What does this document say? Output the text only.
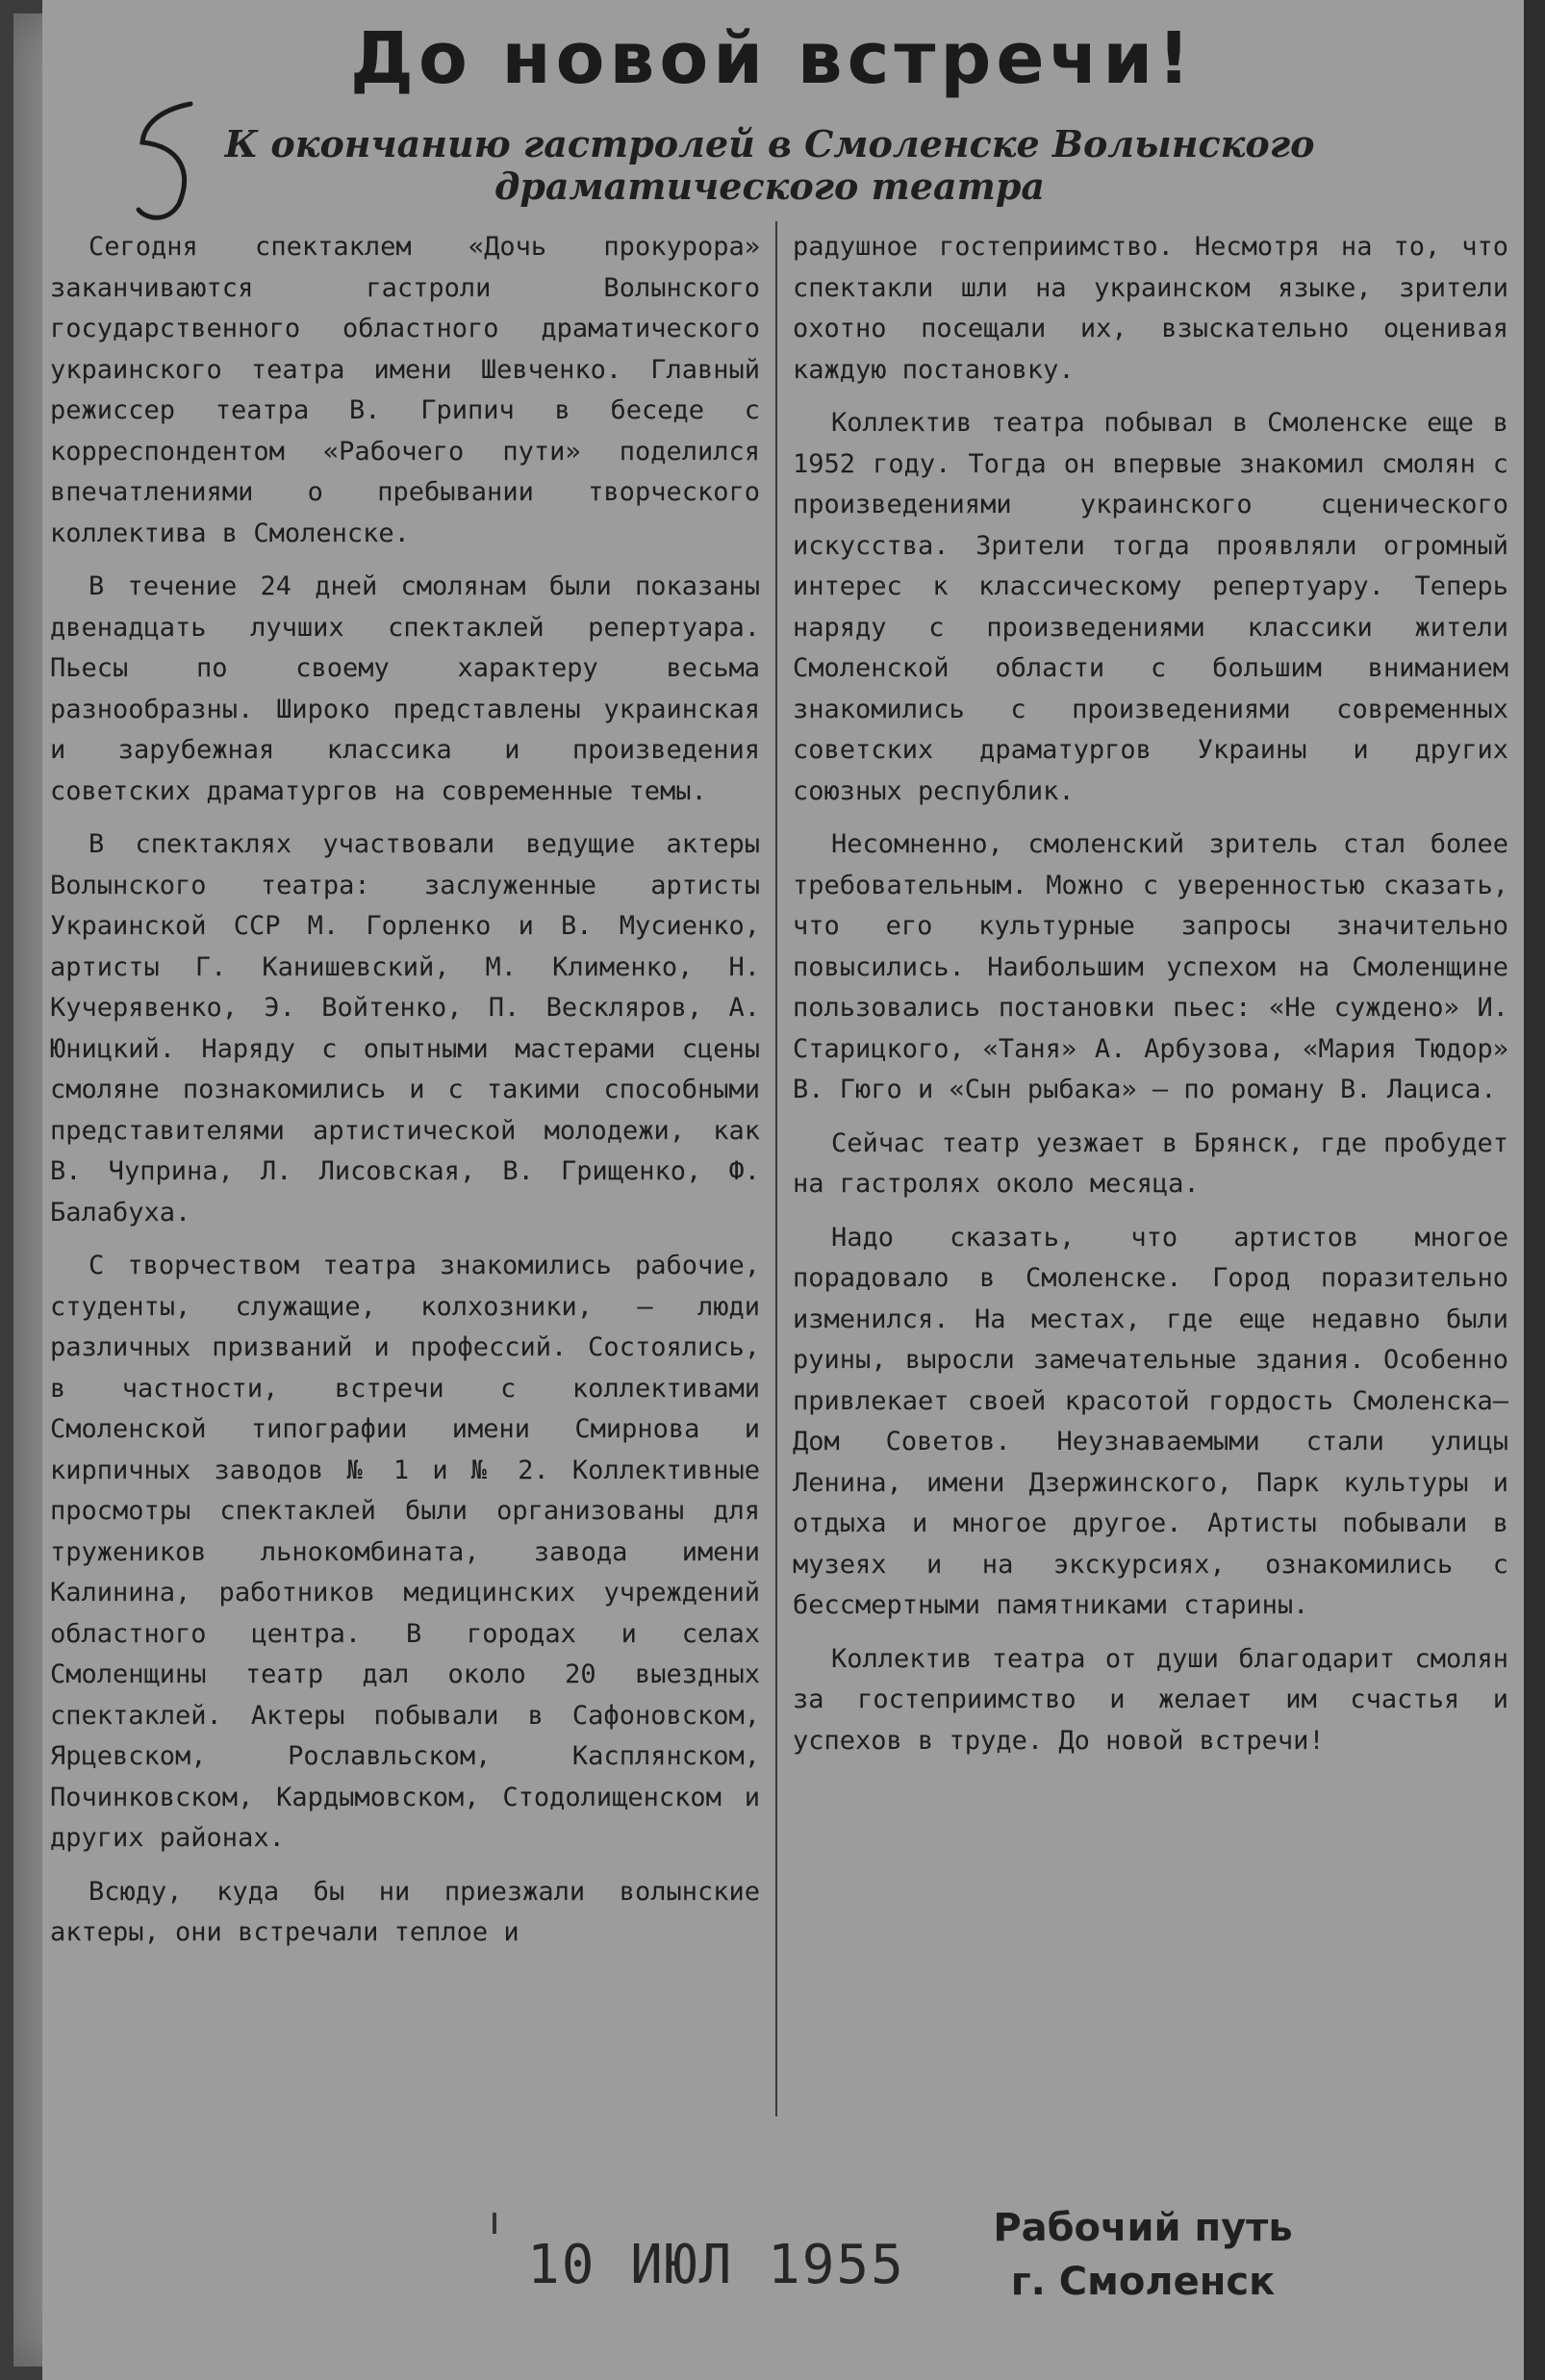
До новой встречи!
К окончанию гастролей в Смоленске Волынского
драматического театра

Сегодня спектаклем «Дочь прокурора» заканчиваются гастроли Волынского государственного областного драматического украинского театра имени Шевченко. Главный режиссер театра В. Грипич в беседе с корреспондентом «Рабочего пути» поделился впечатлениями о пребывании творческого коллектива в Смоленске.

В течение 24 дней смолянам были показаны двенадцать лучших спектаклей репертуара. Пьесы по своему характеру весьма разнообразны. Широко представлены украинская и зарубежная классика и произведения советских драматургов на современные темы.

В спектаклях участвовали ведущие актеры Волынского театра: заслуженные артисты Украинской ССР М. Горленко и В. Мусиенко, артисты Г. Канишевский, М. Клименко, Н. Кучерявенко, Э. Войтенко, П. Вескляров, А. Юницкий. Наряду с опытными мастерами сцены смоляне познакомились и с такими способными представителями артистической молодежи, как В. Чуприна, Л. Лисовская, В. Грищенко, Ф. Балабуха.

С творчеством театра знакомились рабочие, студенты, служащие, колхозники, — люди различных призваний и профессий. Состоялись, в частности, встречи с коллективами Смоленской типографии имени Смирнова и кирпичных заводов № 1 и № 2. Коллективные просмотры спектаклей были организованы для тружеников льнокомбината, завода имени Калинина, работников медицинских учреждений областного центра. В городах и селах Смоленщины театр дал около 20 выездных спектаклей. Актеры побывали в Сафоновском, Ярцевском, Рославльском, Касплянском, Починковском, Кардымовском, Стодолищенском и других районах.

Всюду, куда бы ни приезжали волынские актеры, они встречали теплое и

радушное гостеприимство. Несмотря на то, что спектакли шли на украинском языке, зрители охотно посещали их, взыскательно оценивая каждую постановку.

Коллектив театра побывал в Смоленске еще в 1952 году. Тогда он впервые знакомил смолян с произведениями украинского сценического искусства. Зрители тогда проявляли огромный интерес к классическому репертуару. Теперь наряду с произведениями классики жители Смоленской области с большим вниманием знакомились с произведениями современных советских драматургов Украины и других союзных республик.

Несомненно, смоленский зритель стал более требовательным. Можно с уверенностью сказать, что его культурные запросы значительно повысились. Наибольшим успехом на Смоленщине пользовались постановки пьес: «Не суждено» И. Старицкого, «Таня» А. Арбузова, «Мария Тюдор» В. Гюго и «Сын рыбака» — по роману В. Лациса.

Сейчас театр уезжает в Брянск, где пробудет на гастролях около месяца.

Надо сказать, что артистов многое порадовало в Смоленске. Город поразительно изменился. На местах, где еще недавно были руины, выросли замечательные здания. Особенно привлекает своей красотой гордость Смоленска—Дом Советов. Неузнаваемыми стали улицы Ленина, имени Дзержинского, Парк культуры и отдыха и многое другое. Артисты побывали в музеях и на экскурсиях, ознакомились с бессмертными памятниками старины.

Коллектив театра от души благодарит смолян за гостеприимство и желает им счастья и успехов в труде. До новой встречи!

10 ИЮЛ 1955
Рабочий путь
г. Смоленск
